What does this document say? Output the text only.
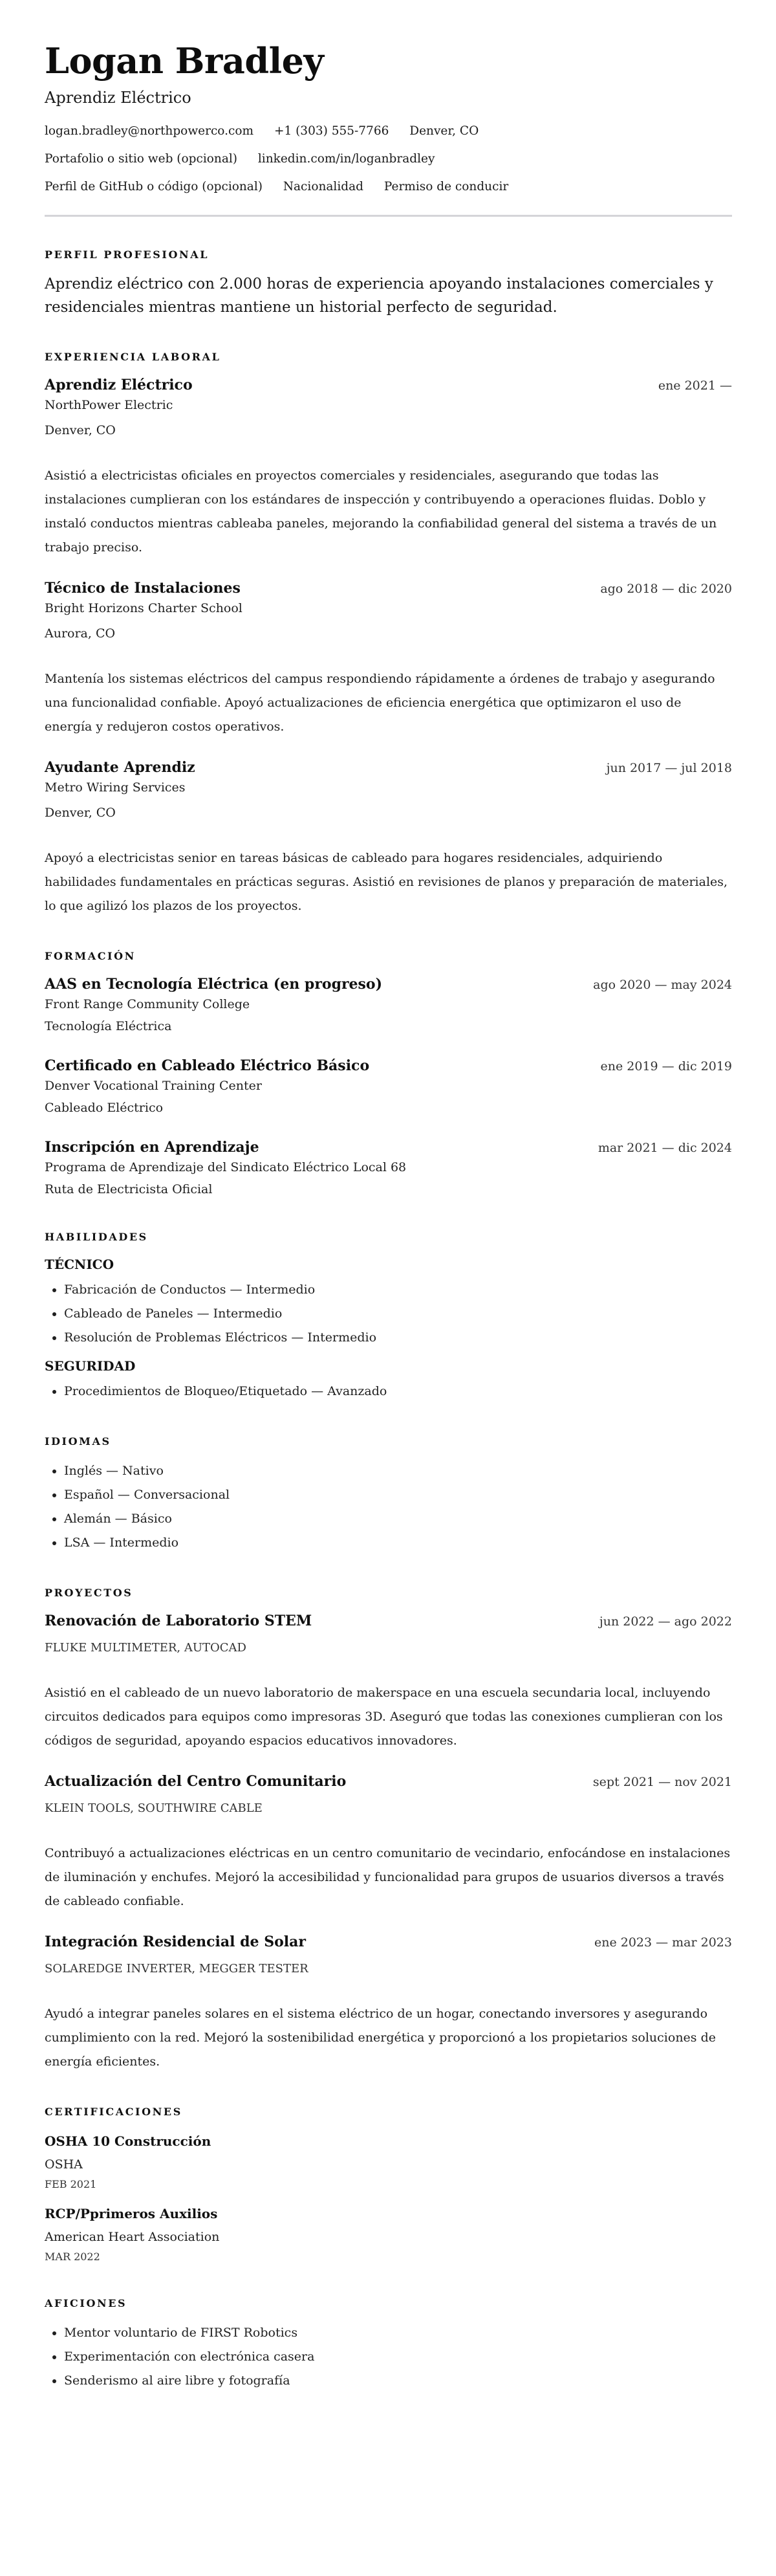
Logan Bradley
Aprendiz Eléctrico
logan.bradley@northpowerco.com +1 (303) 555-7766 Denver, CO
Portafolio o sitio web (opcional) linkedin.com/in/loganbradley
Perfil de GitHub o código (opcional) Nacionalidad Permiso de conducir
PERFIL PROFESIONAL

Aprendiz eléctrico con 2.000 horas de experiencia apoyando instalaciones comerciales y residenciales mientras mantiene un historial perfecto de seguridad.

EXPERIENCIA LABORAL
Aprendiz Eléctrico	ene 2021 —
NorthPower Electric
Denver, CO

Asistió a electricistas oficiales en proyectos comerciales y residenciales, asegurando que todas las instalaciones cumplieran con los estándares de inspección y contribuyendo a operaciones fluidas. Doblo y instaló conductos mientras cableaba paneles, mejorando la confiabilidad general del sistema a través de un trabajo preciso.

Técnico de Instalaciones	ago 2018 — dic 2020
Bright Horizons Charter School
Aurora, CO

Mantenía los sistemas eléctricos del campus respondiendo rápidamente a órdenes de trabajo y asegurando una funcionalidad confiable. Apoyó actualizaciones de eficiencia energética que optimizaron el uso de energía y redujeron costos operativos.

Ayudante Aprendiz	jun 2017 — jul 2018
Metro Wiring Services
Denver, CO

Apoyó a electricistas senior en tareas básicas de cableado para hogares residenciales, adquiriendo habilidades fundamentales en prácticas seguras. Asistió en revisiones de planos y preparación de materiales, lo que agilizó los plazos de los proyectos.

FORMACIÓN
AAS en Tecnología Eléctrica (en progreso)	ago 2020 — may 2024
Front Range Community College
Tecnología Eléctrica
Certificado en Cableado Eléctrico Básico	ene 2019 — dic 2019
Denver Vocational Training Center
Cableado Eléctrico
Inscripción en Aprendizaje	mar 2021 — dic 2024
Programa de Aprendizaje del Sindicato Eléctrico Local 68
Ruta de Electricista Oficial
HABILIDADES
TÉCNICO
• Fabricación de Conductos — Intermedio
• Cableado de Paneles — Intermedio
• Resolución de Problemas Eléctricos — Intermedio
SEGURIDAD
• Procedimientos de Bloqueo/Etiquetado — Avanzado
IDIOMAS
• Inglés — Nativo
• Español — Conversacional
• Alemán — Básico
• LSA — Intermedio
PROYECTOS
Renovación de Laboratorio STEM	jun 2022 — ago 2022
FLUKE MULTIMETER, AUTOCAD

Asistió en el cableado de un nuevo laboratorio de makerspace en una escuela secundaria local, incluyendo circuitos dedicados para equipos como impresoras 3D. Aseguró que todas las conexiones cumplieran con los códigos de seguridad, apoyando espacios educativos innovadores.

Actualización del Centro Comunitario	sept 2021 — nov 2021
KLEIN TOOLS, SOUTHWIRE CABLE

Contribuyó a actualizaciones eléctricas en un centro comunitario de vecindario, enfocándose en instalaciones de iluminación y enchufes. Mejoró la accesibilidad y funcionalidad para grupos de usuarios diversos a través de cableado confiable.

Integración Residencial de Solar	ene 2023 — mar 2023
SOLAREDGE INVERTER, MEGGER TESTER

Ayudó a integrar paneles solares en el sistema eléctrico de un hogar, conectando inversores y asegurando cumplimiento con la red. Mejoró la sostenibilidad energética y proporcionó a los propietarios soluciones de energía eficientes.

CERTIFICACIONES
OSHA 10 Construcción
OSHA
FEB 2021
RCP/Pprimeros Auxilios
American Heart Association
MAR 2022
AFICIONES
• Mentor voluntario de FIRST Robotics
• Experimentación con electrónica casera
• Senderismo al aire libre y fotografía
